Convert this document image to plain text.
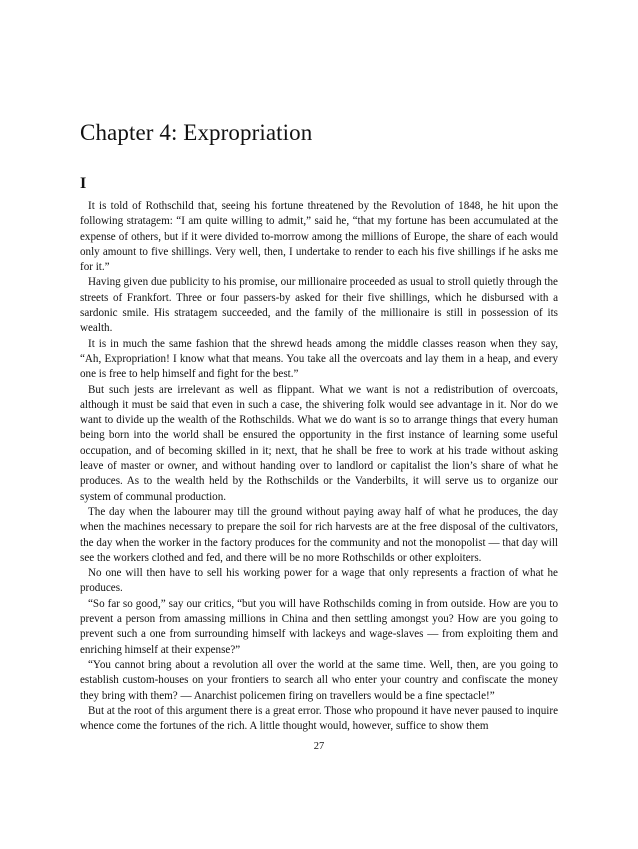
Chapter 4: Expropriation
I

It is told of Rothschild that, seeing his fortune threatened by the Revolution of 1848, he hit upon the following stratagem: “I am quite willing to admit,” said he, “that my fortune has been accumulated at the expense of others, but if it were divided to-morrow among the millions of Europe, the share of each would only amount to five shillings. Very well, then, I undertake to render to each his five shillings if he asks me for it.”

Having given due publicity to his promise, our millionaire proceeded as usual to stroll quietly through the streets of Frankfort. Three or four passers-by asked for their five shillings, which he disbursed with a sardonic smile. His stratagem succeeded, and the family of the millionaire is still in possession of its wealth.

It is in much the same fashion that the shrewd heads among the middle classes reason when they say, “Ah, Expropriation! I know what that means. You take all the overcoats and lay them in a heap, and every one is free to help himself and fight for the best.”

But such jests are irrelevant as well as flippant. What we want is not a redistribution of overcoats, although it must be said that even in such a case, the shivering folk would see advantage in it. Nor do we want to divide up the wealth of the Rothschilds. What we do want is so to arrange things that every human being born into the world shall be ensured the opportunity in the first instance of learning some useful occupation, and of becoming skilled in it; next, that he shall be free to work at his trade without asking leave of master or owner, and without handing over to landlord or capitalist the lion’s share of what he produces. As to the wealth held by the Rothschilds or the Vanderbilts, it will serve us to organize our system of communal production.

The day when the labourer may till the ground without paying away half of what he produces, the day when the machines necessary to prepare the soil for rich harvests are at the free disposal of the cultivators, the day when the worker in the factory produces for the community and not the monopolist — that day will see the workers clothed and fed, and there will be no more Rothschilds or other exploiters.

No one will then have to sell his working power for a wage that only represents a fraction of what he produces.

“So far so good,” say our critics, “but you will have Rothschilds coming in from outside. How are you to prevent a person from amassing millions in China and then settling amongst you? How are you going to prevent such a one from surrounding himself with lackeys and wage-slaves — from exploiting them and enriching himself at their expense?”

“You cannot bring about a revolution all over the world at the same time. Well, then, are you going to establish custom-houses on your frontiers to search all who enter your country and confiscate the money they bring with them? — Anarchist policemen firing on travellers would be a fine spectacle!”

But at the root of this argument there is a great error. Those who propound it have never paused to inquire whence come the fortunes of the rich. A little thought would, however, suffice to show them

27
